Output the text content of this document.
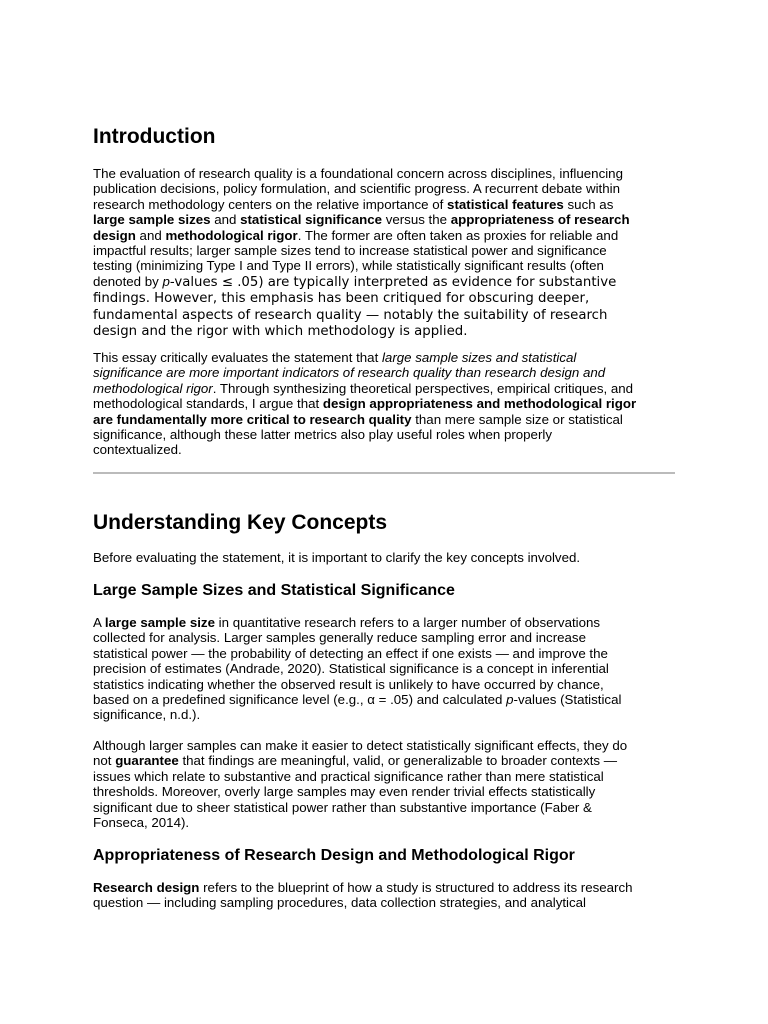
Introduction
The evaluation of research quality is a foundational concern across disciplines, influencing
publication decisions, policy formulation, and scientific progress. A recurrent debate within
research methodology centers on the relative importance of statistical features such as
large sample sizes and statistical significance versus the appropriateness of research
design and methodological rigor. The former are often taken as proxies for reliable and
impactful results; larger sample sizes tend to increase statistical power and significance
testing (minimizing Type I and Type II errors), while statistically significant results (often
denoted by p-values ≤ .05) are typically interpreted as evidence for substantive
findings. However, this emphasis has been critiqued for obscuring deeper,
fundamental aspects of research quality — notably the suitability of research
design and the rigor with which methodology is applied.
This essay critically evaluates the statement that large sample sizes and statistical
significance are more important indicators of research quality than research design and
methodological rigor. Through synthesizing theoretical perspectives, empirical critiques, and
methodological standards, I argue that design appropriateness and methodological rigor
are fundamentally more critical to research quality than mere sample size or statistical
significance, although these latter metrics also play useful roles when properly
contextualized.
Understanding Key Concepts
Before evaluating the statement, it is important to clarify the key concepts involved.
Large Sample Sizes and Statistical Significance
A large sample size in quantitative research refers to a larger number of observations
collected for analysis. Larger samples generally reduce sampling error and increase
statistical power — the probability of detecting an effect if one exists — and improve the
precision of estimates (Andrade, 2020). Statistical significance is a concept in inferential
statistics indicating whether the observed result is unlikely to have occurred by chance,
based on a predefined significance level (e.g., α = .05) and calculated p-values (Statistical
significance, n.d.).
Although larger samples can make it easier to detect statistically significant effects, they do
not guarantee that findings are meaningful, valid, or generalizable to broader contexts —
issues which relate to substantive and practical significance rather than mere statistical
thresholds. Moreover, overly large samples may even render trivial effects statistically
significant due to sheer statistical power rather than substantive importance (Faber &
Fonseca, 2014).
Appropriateness of Research Design and Methodological Rigor
Research design refers to the blueprint of how a study is structured to address its research
question — including sampling procedures, data collection strategies, and analytical
